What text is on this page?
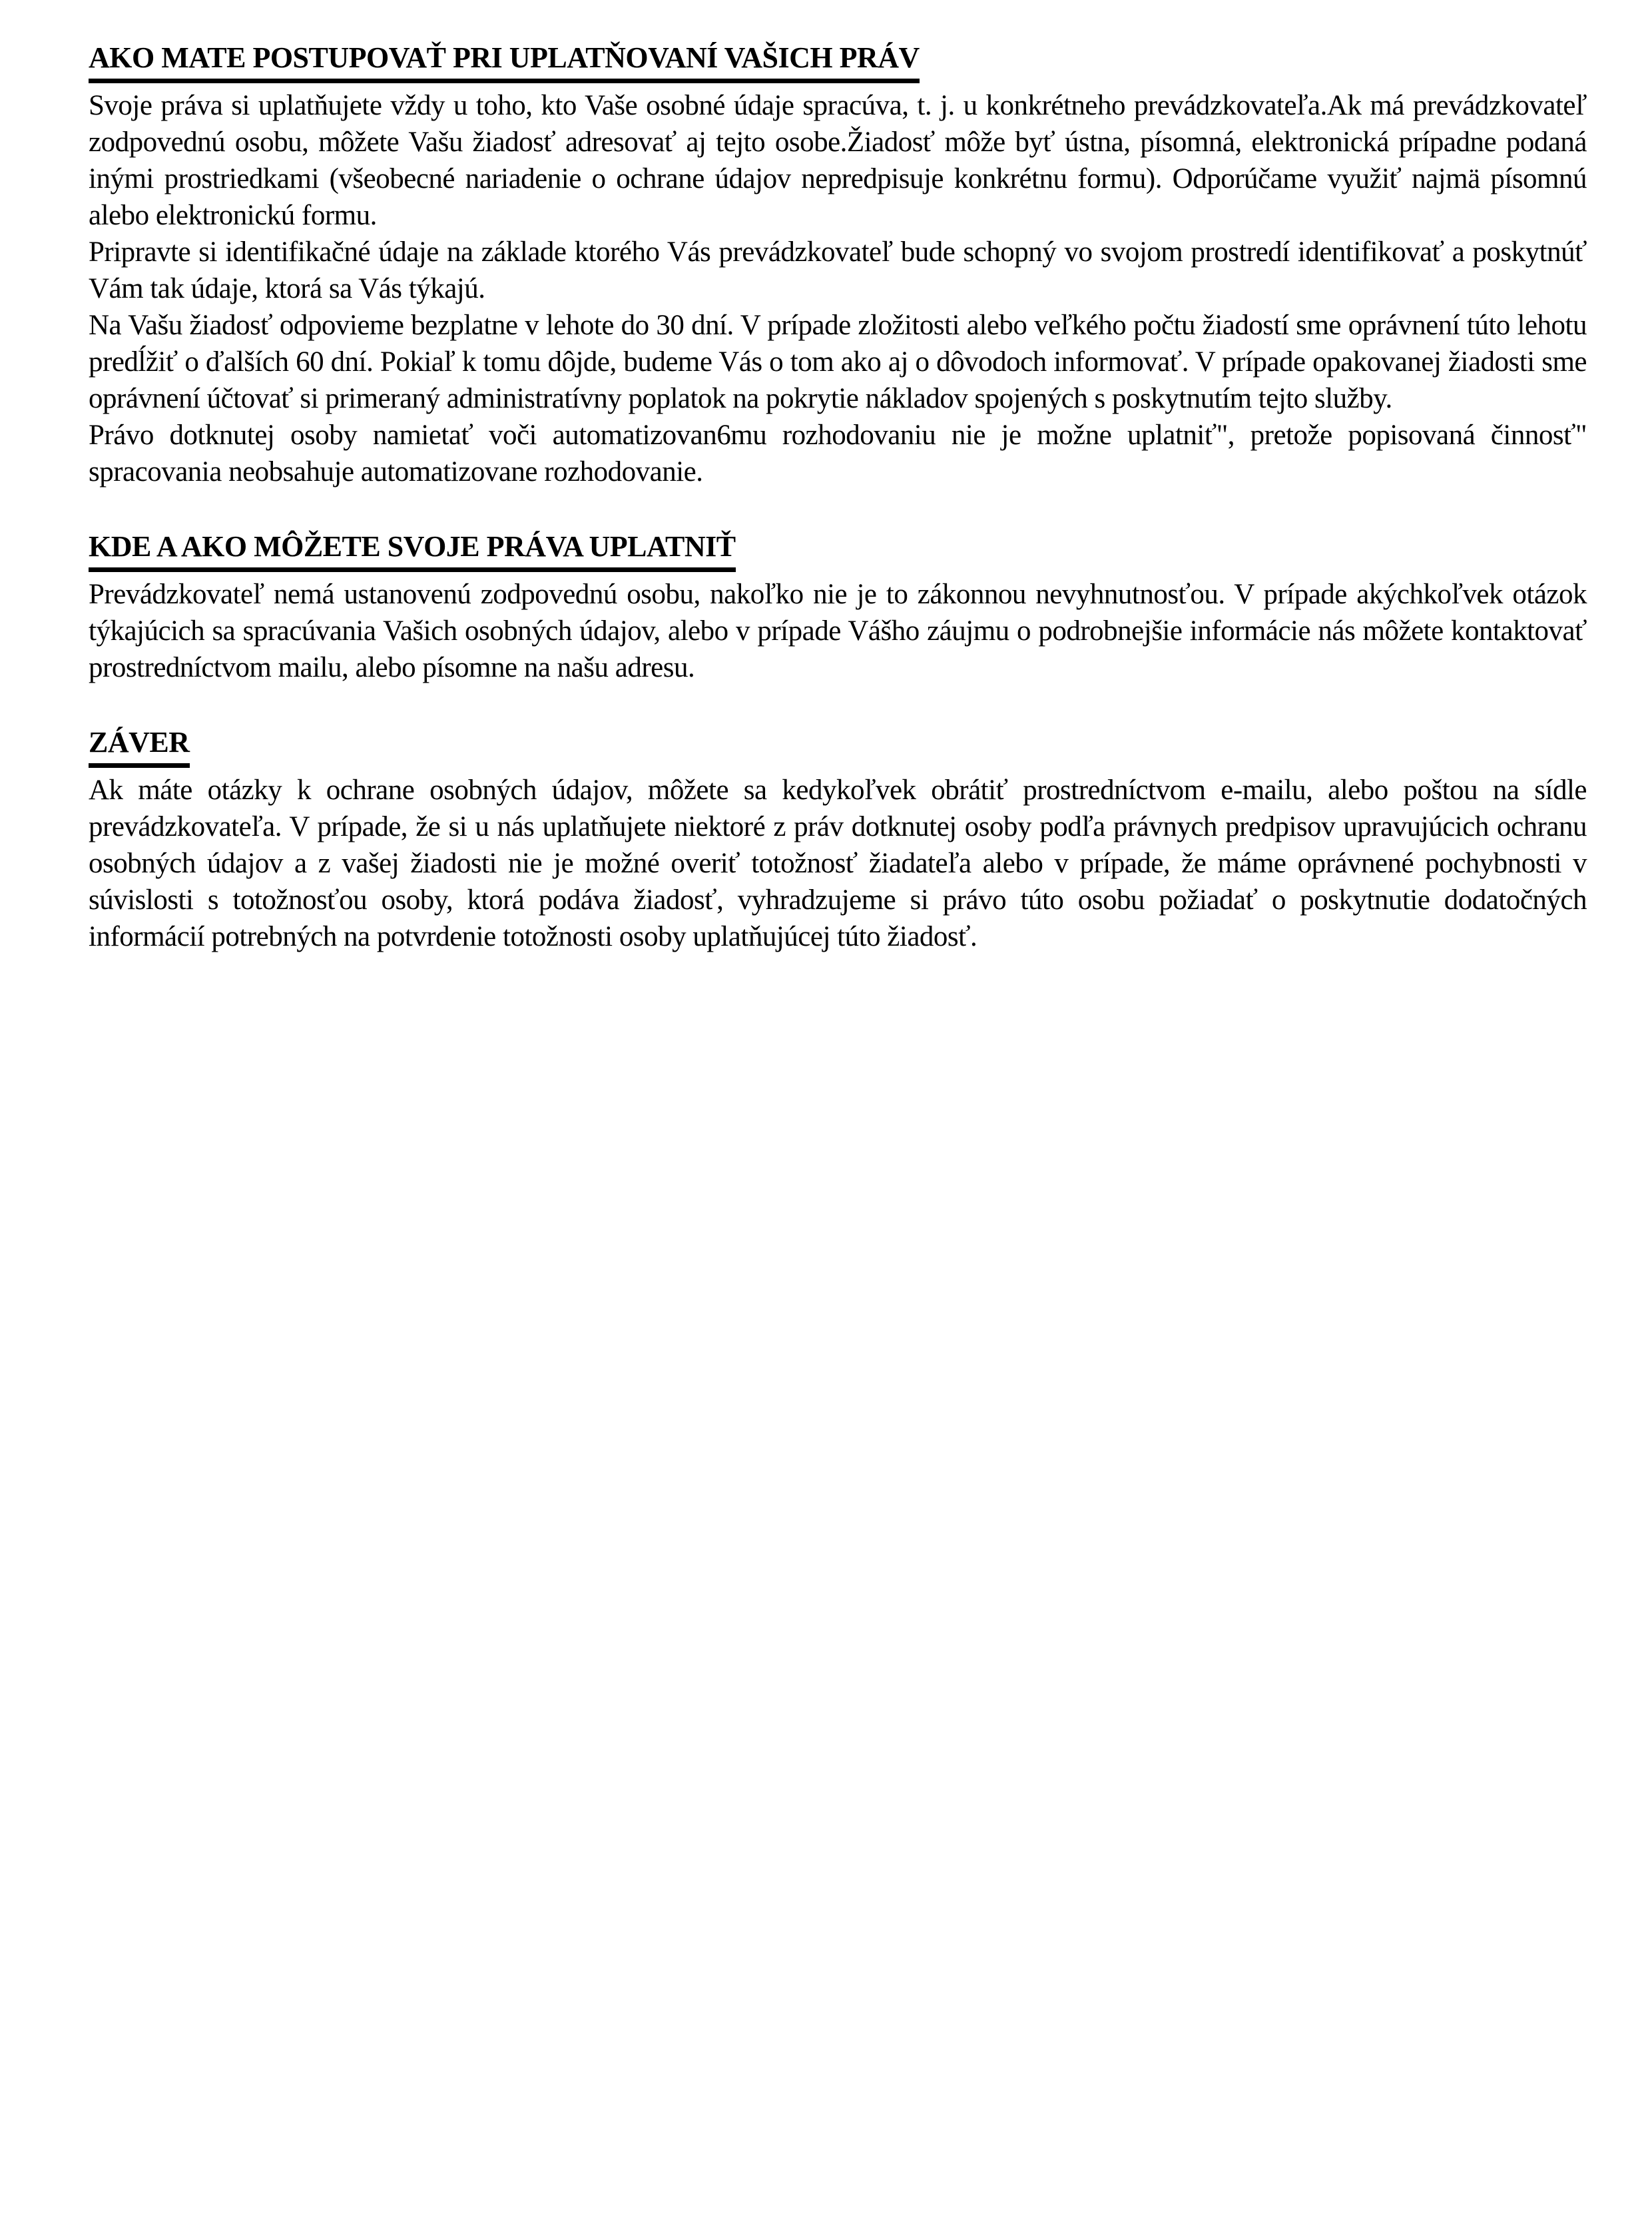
AKO MATE POSTUPOVAŤ PRI UPLATŇOVANÍ VAŠICH PRÁV

Svoje práva si uplatňujete vždy u toho, kto Vaše osobné údaje spracúva, t. j. u konkrétneho prevádzkovateľa.Ak má prevádzkovateľ zodpovednú osobu, môžete Vašu žiadosť adresovať aj tejto osobe.Žiadosť môže byť ústna, písomná, elektronická prípadne podaná inými prostriedkami (všeobecné nariadenie o ochrane údajov nepredpisuje konkrétnu formu). Odporúčame využiť najmä písomnú alebo elektronickú formu.

Pripravte si identifikačné údaje na základe ktorého Vás prevádzkovateľ bude schopný vo svojom prostredí identifikovať a poskytnúť Vám tak údaje, ktorá sa Vás týkajú.

Na Vašu žiadosť odpovieme bezplatne v lehote do 30 dní. V prípade zložitosti alebo veľkého počtu žiadostí sme oprávnení túto lehotu predĺžiť o ďalších 60 dní. Pokiaľ k tomu dôjde, budeme Vás o tom ako aj o dôvodoch informovať. V prípade opakovanej žiadosti sme oprávnení účtovať si primeraný administratívny poplatok na pokrytie nákladov spojených s poskytnutím tejto služby.

Právo dotknutej osoby namietať voči automatizovan6mu rozhodovaniu nie je možne uplatniť", pretože popisovaná činnosť" spracovania neobsahuje automatizovane rozhodovanie.

KDE A AKO MÔŽETE SVOJE PRÁVA UPLATNIŤ

Prevádzkovateľ nemá ustanovenú zodpovednú osobu, nakoľko nie je to zákonnou nevyhnutnosťou. V prípade akýchkoľvek otázok týkajúcich sa spracúvania Vašich osobných údajov, alebo v prípade Vášho záujmu o podrobnejšie informácie nás môžete kontaktovať prostredníctvom mailu, alebo písomne na našu adresu.

ZÁVER

Ak máte otázky k ochrane osobných údajov, môžete sa kedykoľvek obrátiť prostredníctvom e-mailu, alebo poštou na sídle prevádzkovateľa. V prípade, že si u nás uplatňujete niektoré z práv dotknutej osoby podľa právnych predpisov upravujúcich ochranu osobných údajov a z vašej žiadosti nie je možné overiť totožnosť žiadateľa alebo v prípade, že máme oprávnené pochybnosti v súvislosti s totožnosťou osoby, ktorá podáva žiadosť, vyhradzujeme si právo túto osobu požiadať o poskytnutie dodatočných informácií potrebných na potvrdenie totožnosti osoby uplatňujúcej túto žiadosť.
